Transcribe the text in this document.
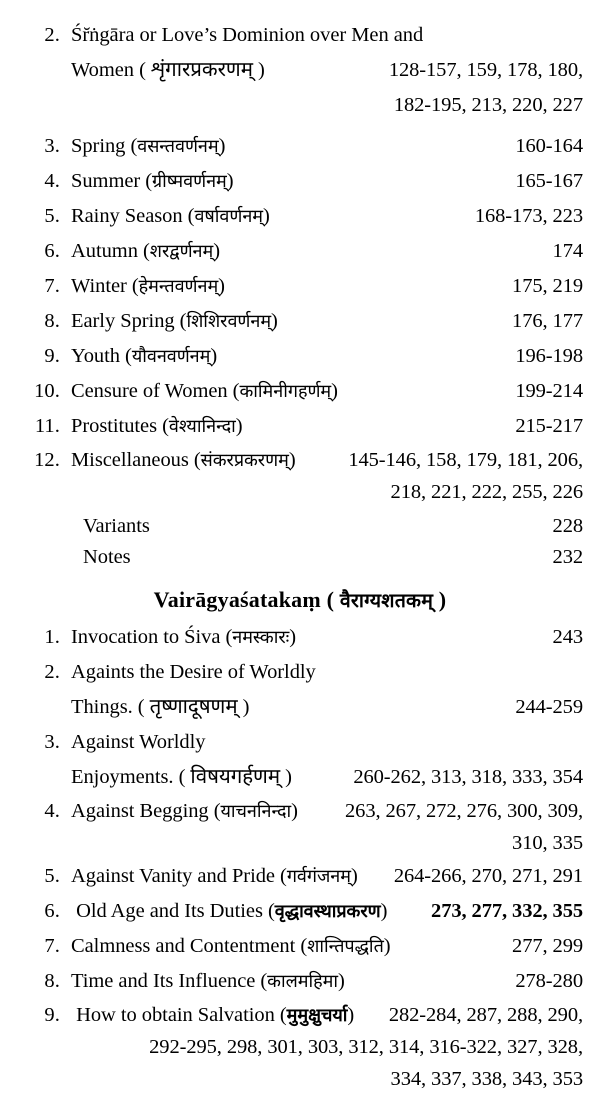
2. Śr̆ṅgāra or Love’s Dominion over Men and
Women ( शृंगारप्रकरणम् )	128-157, 159, 178, 180,
182-195, 213, 220, 227
3. Spring (वसन्तवर्णनम्)	160-164
4. Summer (ग्रीष्मवर्णनम्)	165-167
5. Rainy Season (वर्षावर्णनम्)	168-173, 223
6. Autumn (शरद्वर्णनम्)	174
7. Winter (हेमन्तवर्णनम्)	175, 219
8. Early Spring (शिशिरवर्णनम्)	176, 177
9. Youth (यौवनवर्णनम्)	196-198
10. Censure of Women (कामिनीगहर्णम्)	199-214
11. Prostitutes (वेश्यानिन्दा)	215-217
12. Miscellaneous (संकरप्रकरणम्)	145-146, 158, 179, 181, 206,
218, 221, 222, 255, 226
Variants	228
Notes	232
Vairāgyaśatakaṃ ( वैराग्यशतकम् )
1. Invocation to Śiva (नमस्कारः)	243
2. Againts the Desire of Worldly
Things. ( तृष्णादूषणम् )	244-259
3. Against Worldly
Enjoyments. ( विषयगर्हणम् )	260-262, 313, 318, 333, 354
4. Against Begging (याचननिन्दा)	263, 267, 272, 276, 300, 309,
310, 335
5. Against Vanity and Pride (गर्वगंजनम्)	264-266, 270, 271, 291
6. Old Age and Its Duties (वृद्धावस्थाप्रकरण)	273, 277, 332, 355
7. Calmness and Contentment (शान्तिपद्धति)	277, 299
8. Time and Its Influence (कालमहिमा)	278-280
9. How to obtain Salvation (मुमुक्षुचर्या)	282-284, 287, 288, 290,
292-295, 298, 301, 303, 312, 314, 316-322, 327, 328,
334, 337, 338, 343, 353
